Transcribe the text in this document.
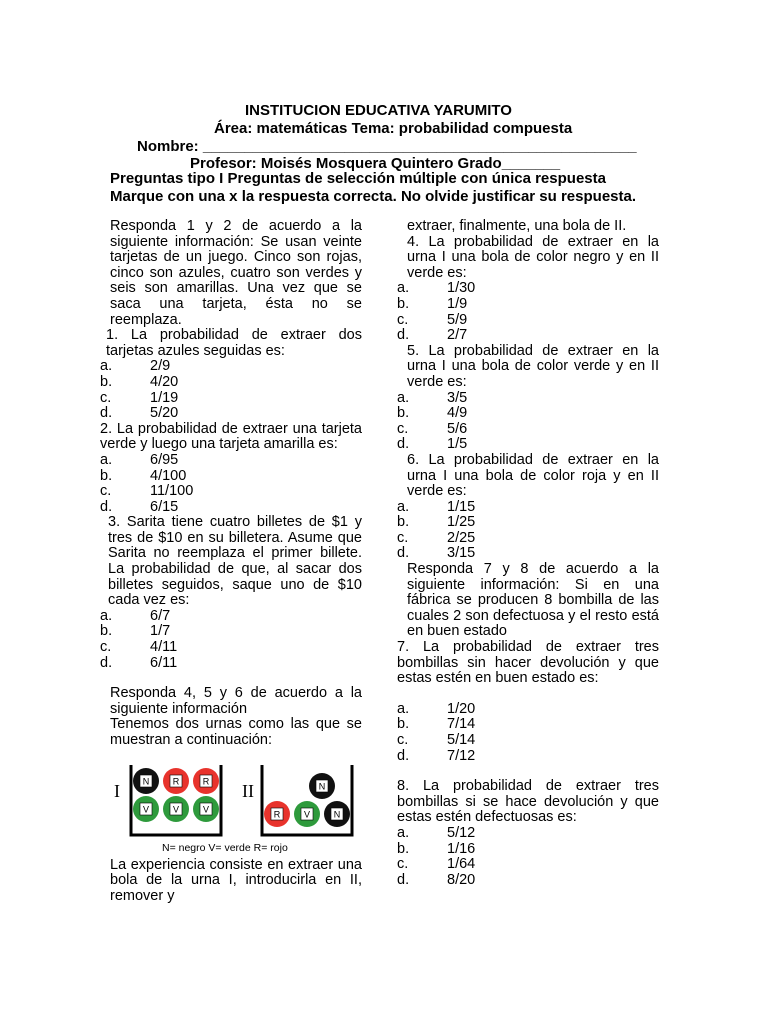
INSTITUCION EDUCATIVA YARUMITO
Área: matemáticas Tema: probabilidad compuesta
Nombre: ____________________________________________________
Profesor: Moisés Mosquera Quintero Grado_______
Preguntas tipo I Preguntas de selección múltiple con única respuesta
Marque con una x la respuesta correcta. No olvide justificar su respuesta.

Responda 1 y 2 de acuerdo a la siguiente información: Se usan veinte tarjetas de un juego. Cinco son rojas, cinco son azules, cuatro son verdes y seis son amarillas. Una vez que se saca una tarjeta, ésta no se reemplaza.

1. La probabilidad de extraer dos tarjetas azules seguidas es:

a.	2/9
b.	4/20
c.	1/19
d.	5/20

2. La probabilidad de extraer una tarjeta verde y luego una tarjeta amarilla es:

a.	6/95
b.	4/100
c.	11/100
d.	6/15

3. Sarita tiene cuatro billetes de $1 y tres de $10 en su billetera. Asume que Sarita no reemplaza el primer billete. La probabilidad de que, al sacar dos billetes seguidos, saque uno de $10 cada vez es:

a.	6/7
b.	1/7
c.	4/11
d.	6/11

Responda 4, 5 y 6 de acuerdo a la siguiente información

Tenemos dos urnas como las que se muestran a continuación:

I	II
N	R	R
V	V	V
N
R	V	N
N= negro V= verde R= rojo

La experiencia consiste en extraer una bola de la urna I, introducirla en II, remover y

extraer, finalmente, una bola de II.

4. La probabilidad de extraer en la urna I una bola de color negro y en II verde es:

a.	1/30
b.	1/9
c.	5/9
d.	2/7

5. La probabilidad de extraer en la urna I una bola de color verde y en II verde es:

a.	3/5
b.	4/9
c.	5/6
d.	1/5

6. La probabilidad de extraer en la urna I una bola de color roja y en II verde es:

a.	1/15
b.	1/25
c.	2/25
d.	3/15

Responda 7 y 8 de acuerdo a la siguiente información: Si en una fábrica se producen 8 bombilla de las cuales 2 son defectuosa y el resto está en buen estado

7. La probabilidad de extraer tres bombillas sin hacer devolución y que estas estén en buen estado es:

a.	1/20
b.	7/14
c.	5/14
d.	7/12

8. La probabilidad de extraer tres bombillas si se hace devolución y que estas estén defectuosas es:

a.	5/12
b.	1/16
c.	1/64
d.	8/20
